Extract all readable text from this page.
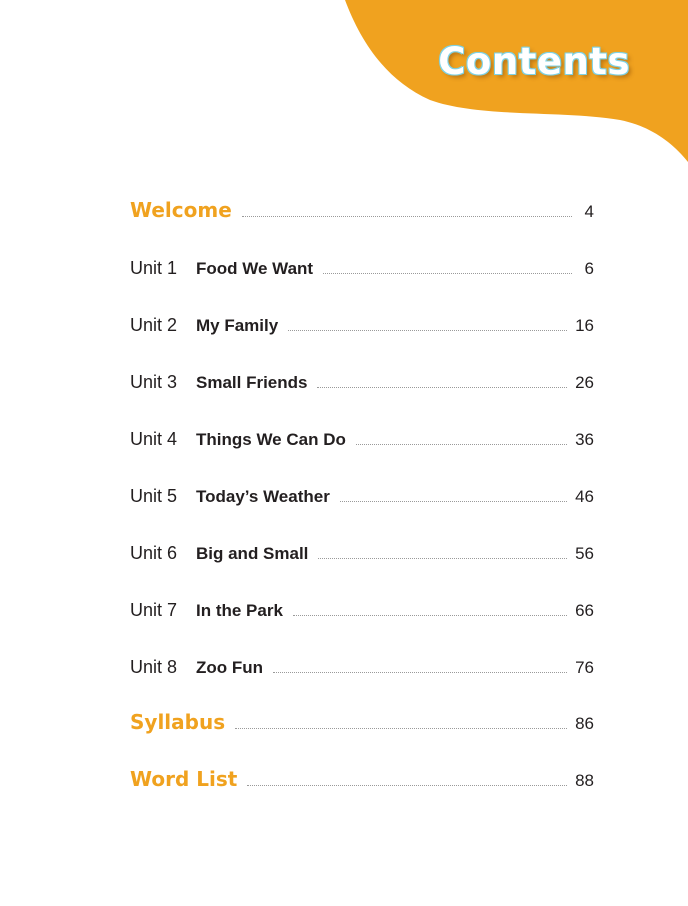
Contents
Welcome	4
Unit 1	Food We Want	6
Unit 2	My Family	16
Unit 3	Small Friends	26
Unit 4	Things We Can Do	36
Unit 5	Today’s Weather	46
Unit 6	Big and Small	56
Unit 7	In the Park	66
Unit 8	Zoo Fun	76
Syllabus	86
Word List	88
